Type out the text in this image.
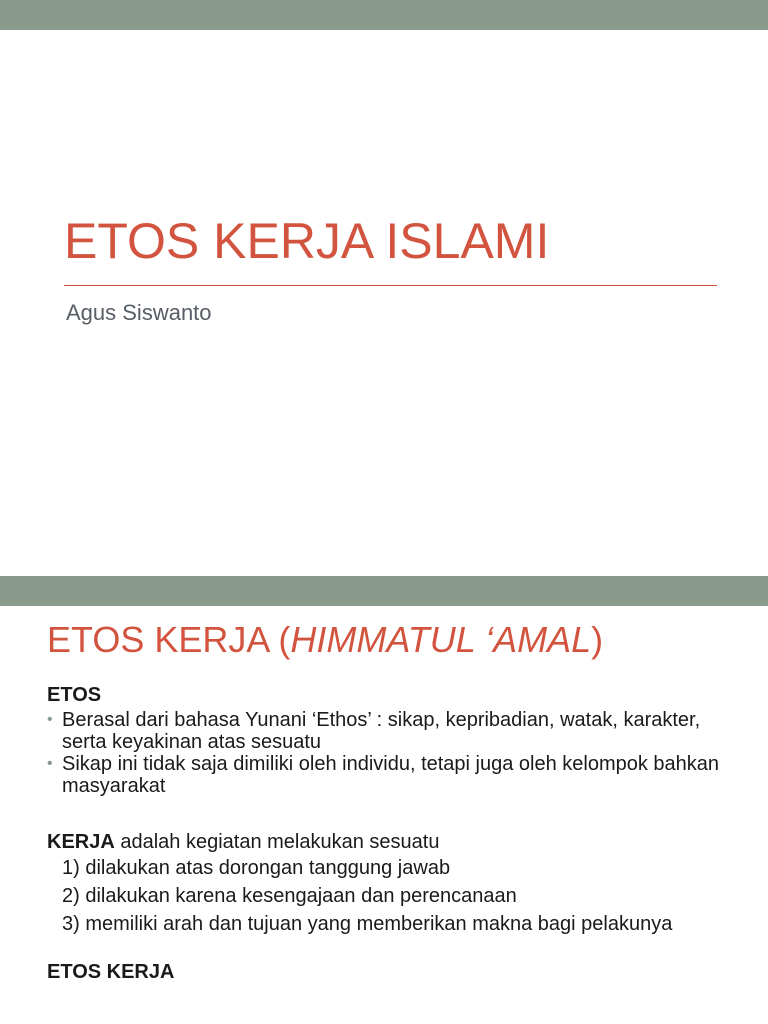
ETOS KERJA ISLAMI
Agus Siswanto
ETOS KERJA (HIMMATUL ‘AMAL)
ETOS
• Berasal dari bahasa Yunani ‘Ethos’ : sikap, kepribadian, watak, karakter, serta keyakinan atas sesuatu
• Sikap ini tidak saja dimiliki oleh individu, tetapi juga oleh kelompok bahkan masyarakat
KERJA adalah kegiatan melakukan sesuatu
1) dilakukan atas dorongan tanggung jawab
2) dilakukan karena kesengajaan dan perencanaan
3) memiliki arah dan tujuan yang memberikan makna bagi pelakunya
ETOS KERJA
